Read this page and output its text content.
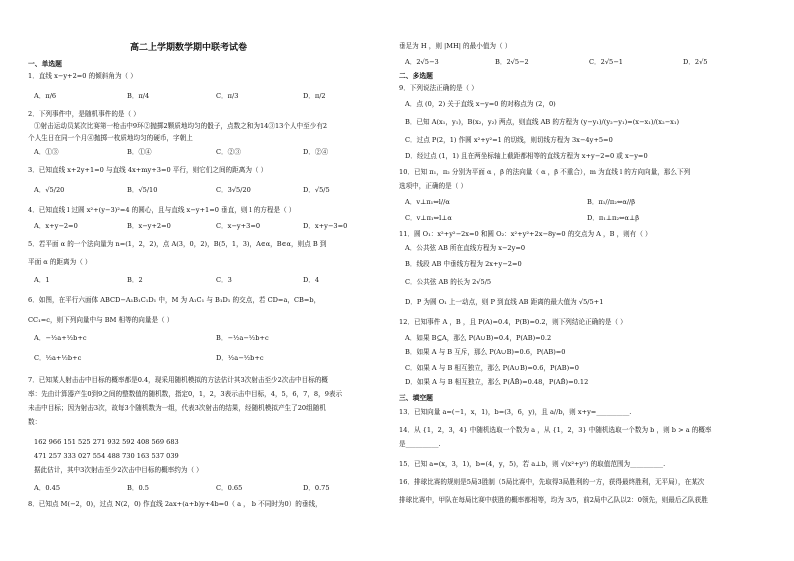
高二上学期数学期中联考试卷
一、单选题
1．直线 x−y+2=0 的倾斜角为（ ）
A．π/6	B．π/4	C．π/3	D．π/2
2．下列事件中，是随机事件的是（ ）
①射击运动员某次比赛第一枪击中9环②抛掷2颗质地均匀的骰子，点数之和为14③13个人中至少有2
个人生日在同一个月④抛掷一枚质地均匀的硬币，字朝上
A．①③	B．①④	C．②③	D．②④
3．已知直线 x+2y+1=0 与直线 4x+my+3=0 平行，则它们之间的距离为（ ）
A．√5/20	B．√5/10	C．3√5/20	D．√5/5
4．已知直线 l 过圆 x²+(y−3)²=4 的圆心，且与直线 x−y+1=0 垂直，则 l 的方程是（ ）
A．x+y−2=0	B．x−y+2=0	C．x−y+3=0	D．x+y−3=0
5．若平面 α 的一个法向量为 n=(1，2，2)，点 A(3，0，2)，B(5，1，3)，A∈α，B∈α，则点 B 到
平面 α 的距离为（ ）
A．1	B．2	C．3	D．4
6．如图，在平行六面体 ABCD−A₁B₁C₁D₁ 中，M 为 A₁C₁ 与 B₁D₁ 的交点，若 CD=a，CB=b，
CC₁=c，则下列向量中与 BM 相等的向量是（ ）
A．−½a+½b+c	B．−½a−½b+c
C．½a+½b+c	D．½a−½b+c
7．已知某人射击击中目标的概率都是0.4，现采用随机模拟的方法估计其3次射击至少2次击中目标的概
率：先由计算器产生0到9之间的整数值的随机数，指定0，1，2，3表示击中目标，4，5，6，7，8，9表示
未击中目标；因为射击3次，故每3个随机数为一组，代表3次射击的结果，经随机模拟产生了20组随机
数：
162 966 151 525 271 932 592 408 569 683
471 257 333 027 554 488 730 163 537 039
据此估计，其中3次射击至少2次击中目标的概率约为（ ）
A．0.45	B．0.5	C．0.65	D．0.75
8．已知点 M(−2，0)，过点 N(2，0) 作直线 2ax+(a+b)y+4b=0（ a ， b 不同时为0）的垂线，
垂足为 H ，则 |MH| 的最小值为（ ）
A．2√5−3	B．2√5−2	C．2√5−1	D．2√5
二、多选题
9．下列说法正确的是（ ）
A．点 (0，2) 关于直线 x−y=0 的对称点为 (2，0)
B．已知 A(x₁，y₁)，B(x₂，y₂) 两点，则直线 AB 的方程为 (y−y₁)/(y₂−y₁)=(x−x₁)/(x₂−x₁)
C．过点 P(2，1) 作圆 x²+y²=1 的切线，则切线方程为 3x−4y+5=0
D．经过点 (1，1) 且在两坐标轴上截距都相等的直线方程为 x+y−2=0 或 x−y=0
10．已知 π₁，π₂ 分别为平面 α ，β 的法向量（ α ，β 不重合），m 为直线 l 的方向向量，那么下列
选项中，正确的是（ ）
A．v⊥π₁⇔l//α	B．π₁//π₂⇔α//β
C．v⊥π₁⇔l⊥α	D．π₁⊥π₂⇔α⊥β
11．圆 O₁：x²+y²−2x=0 和圆 O₂：x²+y²+2x−8y=0 的交点为 A ，B ，则有（ ）
A．公共弦 AB 所在直线方程为 x−2y=0
B．线段 AB 中垂线方程为 2x+y−2=0
C．公共弦 AB 的长为 2√5/5
D．P 为圆 O₁ 上一动点，则 P 到直线 AB 距离的最大值为 √5/5+1
12．已知事件 A ，B ，且 P(A)=0.4，P(B)=0.2，则下列结论正确的是（ ）
A．如果 B⊆A，那么 P(A∪B)=0.4，P(AB)=0.2
B．如果 A 与 B 互斥，那么 P(A∪B)=0.6，P(AB)=0
C．如果 A 与 B 相互独立，那么 P(A∪B)=0.6，P(AB)=0
D．如果 A 与 B 相互独立，那么 P(ĀB̄)=0.48，P(AB̄)=0.12
三、填空题
13．已知向量 a=(−1，x，1)，b=(3，6，y)，且 a//b，则 x+y=__________.
14．从 {1，2，3，4} 中随机选取一个数为 a ，从 {1，2，3} 中随机选取一个数为 b ，则 b > a 的概率
是__________.
15．已知 a=(x，3，1)，b=(4，y，5)，若 a⊥b，则 √(x²+y²) 的取值范围为__________.
16．排球比赛的规则是5局3胜制（5局比赛中，先取得3局胜利的一方，获得最终胜利，无平局），在某次
排球比赛中，甲队在每局比赛中获胜的概率都相等，均为 3/5，前2局中乙队以2：0领先，则最后乙队获胜
